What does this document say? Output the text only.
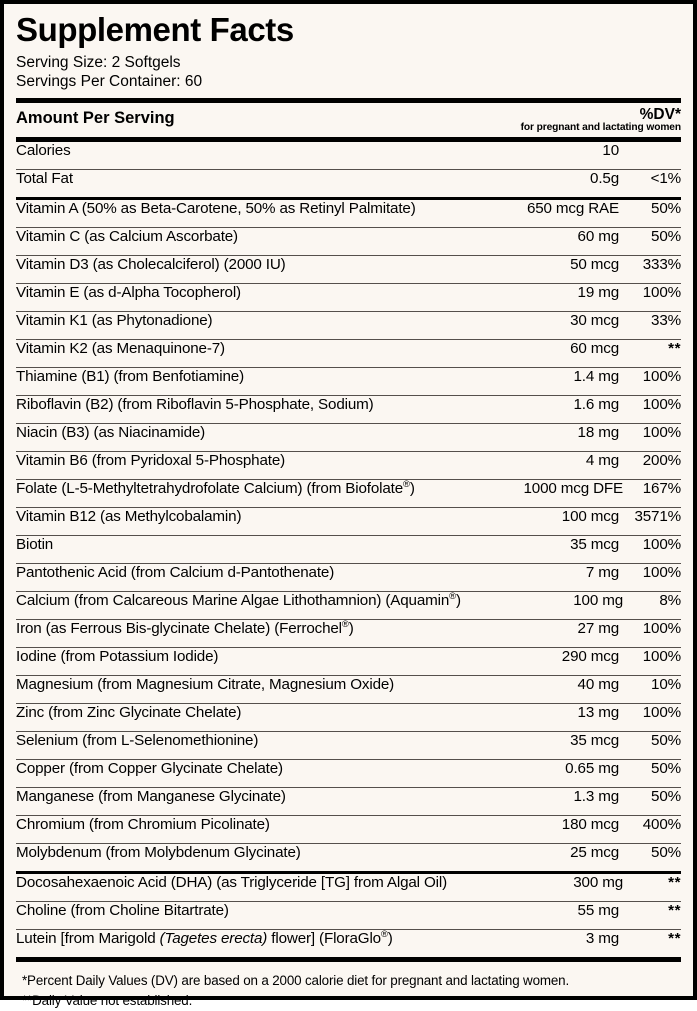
Supplement Facts
Serving Size: 2 Softgels
Servings Per Container: 60
Amount Per Serving	%DV*
for pregnant and lactating women
Calories	10
Total Fat	0.5g	<1%
Vitamin A (50% as Beta-Carotene, 50% as Retinyl Palmitate)	650 mcg RAE	50%
Vitamin C (as Calcium Ascorbate)	60 mg	50%
Vitamin D3 (as Cholecalciferol) (2000 IU)	50 mcg	333%
Vitamin E (as d-Alpha Tocopherol)	19 mg	100%
Vitamin K1 (as Phytonadione)	30 mcg	33%
Vitamin K2 (as Menaquinone-7)	60 mcg	**
Thiamine (B1) (from Benfotiamine)	1.4 mg	100%
Riboflavin (B2) (from Riboflavin 5-Phosphate, Sodium)	1.6 mg	100%
Niacin (B3) (as Niacinamide)	18 mg	100%
Vitamin B6 (from Pyridoxal 5-Phosphate)	4 mg	200%
Folate (L-5-Methyltetrahydrofolate Calcium) (from Biofolate®)	1000 mcg DFE	167%
Vitamin B12 (as Methylcobalamin)	100 mcg	3571%
Biotin	35 mcg	100%
Pantothenic Acid (from Calcium d-Pantothenate)	7 mg	100%
Calcium (from Calcareous Marine Algae Lithothamnion) (Aquamin®)	100 mg	8%
Iron (as Ferrous Bis-glycinate Chelate) (Ferrochel®)	27 mg	100%
Iodine (from Potassium Iodide)	290 mcg	100%
Magnesium (from Magnesium Citrate, Magnesium Oxide)	40 mg	10%
Zinc (from Zinc Glycinate Chelate)	13 mg	100%
Selenium (from L-Selenomethionine)	35 mcg	50%
Copper (from Copper Glycinate Chelate)	0.65 mg	50%
Manganese (from Manganese Glycinate)	1.3 mg	50%
Chromium (from Chromium Picolinate)	180 mcg	400%
Molybdenum (from Molybdenum Glycinate)	25 mcg	50%
Docosahexaenoic Acid (DHA) (as Triglyceride [TG] from Algal Oil)	300 mg	**
Choline (from Choline Bitartrate)	55 mg	**
Lutein [from Marigold (Tagetes erecta) flower] (FloraGlo®)	3 mg	**
*Percent Daily Values (DV) are based on a 2000 calorie diet for pregnant and lactating women.
**Daily Value not established.
